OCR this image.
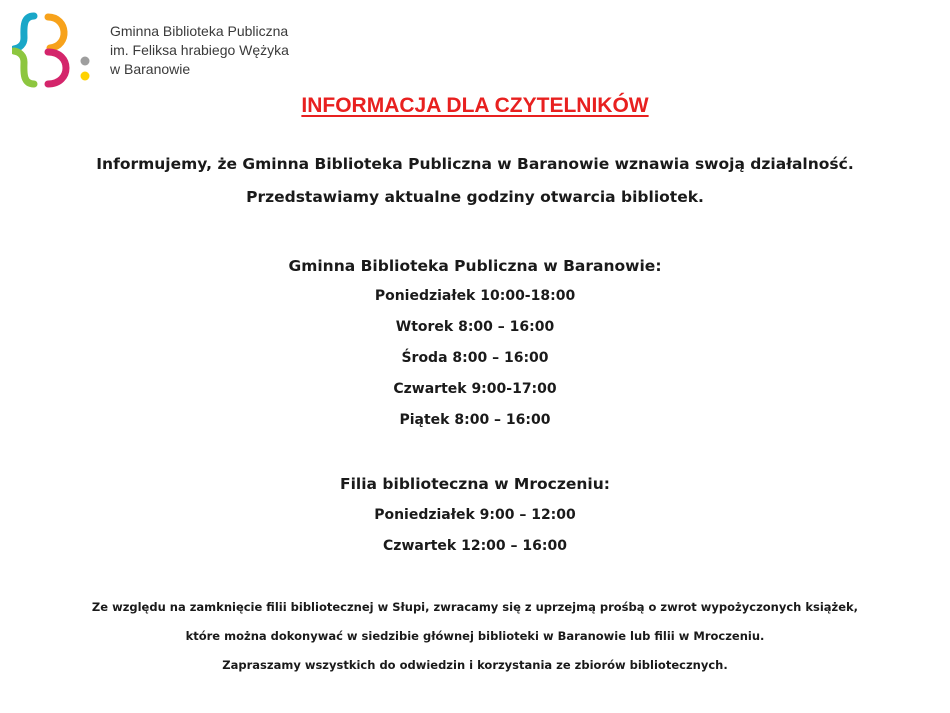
Gminna Biblioteka Publiczna
im. Feliksa hrabiego Wężyka
w Baranowie
INFORMACJA DLA CZYTELNIKÓW
Informujemy, że Gminna Biblioteka Publiczna w Baranowie wznawia swoją działalność.
Przedstawiamy aktualne godziny otwarcia bibliotek.
Gminna Biblioteka Publiczna w Baranowie:
Poniedziałek 10:00-18:00
Wtorek 8:00 – 16:00
Środa 8:00 – 16:00
Czwartek 9:00-17:00
Piątek 8:00 – 16:00
Filia biblioteczna w Mroczeniu:
Poniedziałek 9:00 – 12:00
Czwartek 12:00 – 16:00
Ze względu na zamknięcie filii bibliotecznej w Słupi, zwracamy się z uprzejmą prośbą o zwrot wypożyczonych książek,
które można dokonywać w siedzibie głównej biblioteki w Baranowie lub filii w Mroczeniu.
Zapraszamy wszystkich do odwiedzin i korzystania ze zbiorów bibliotecznych.
